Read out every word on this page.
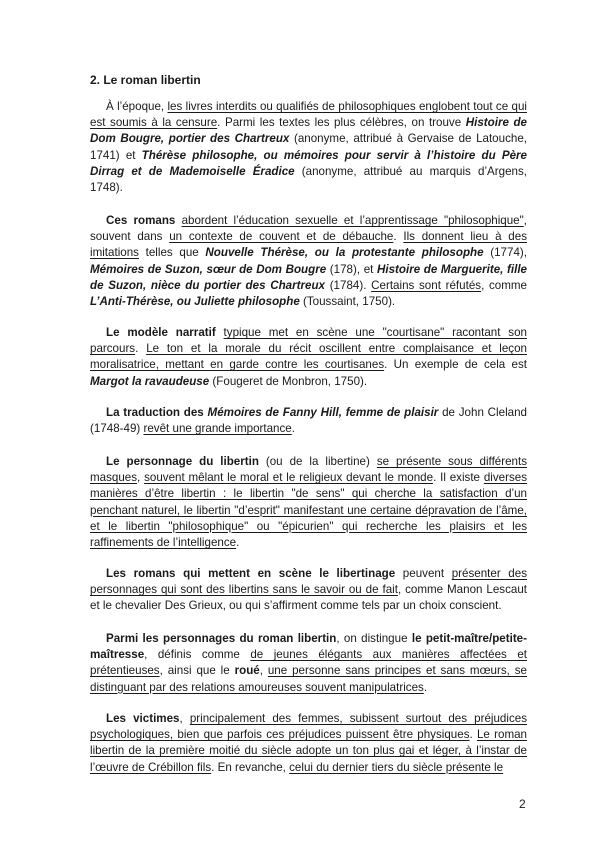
2. Le roman libertin

À l’époque, les livres interdits ou qualifiés de philosophiques englobent tout ce qui est soumis à la censure. Parmi les textes les plus célèbres, on trouve Histoire de Dom Bougre, portier des Chartreux (anonyme, attribué à Gervaise de Latouche, 1741) et Thérèse philosophe, ou mémoires pour servir à l’histoire du Père Dirrag et de Mademoiselle Éradice (anonyme, attribué au marquis d’Argens, 1748).

Ces romans abordent l’éducation sexuelle et l’apprentissage "philosophique", souvent dans un contexte de couvent et de débauche. Ils donnent lieu à des imitations telles que Nouvelle Thérèse, ou la protestante philosophe (1774), Mémoires de Suzon, sœur de Dom Bougre (178), et Histoire de Marguerite, fille de Suzon, nièce du portier des Chartreux (1784). Certains sont réfutés, comme L’Anti-Thérèse, ou Juliette philosophe (Toussaint, 1750).

Le modèle narratif typique met en scène une "courtisane" racontant son parcours. Le ton et la morale du récit oscillent entre complaisance et leçon moralisatrice, mettant en garde contre les courtisanes. Un exemple de cela est Margot la ravaudeuse (Fougeret de Monbron, 1750).

La traduction des Mémoires de Fanny Hill, femme de plaisir de John Cleland (1748-49) revêt une grande importance.

Le personnage du libertin (ou de la libertine) se présente sous différents masques, souvent mêlant le moral et le religieux devant le monde. Il existe diverses manières d’être libertin : le libertin "de sens" qui cherche la satisfaction d’un penchant naturel, le libertin "d’esprit" manifestant une certaine dépravation de l’âme, et le libertin "philosophique" ou "épicurien" qui recherche les plaisirs et les raffinements de l’intelligence.

Les romans qui mettent en scène le libertinage peuvent présenter des personnages qui sont des libertins sans le savoir ou de fait, comme Manon Lescaut et le chevalier Des Grieux, ou qui s’affirment comme tels par un choix conscient.

Parmi les personnages du roman libertin, on distingue le petit-maître/petite-maîtresse, définis comme de jeunes élégants aux manières affectées et prétentieuses, ainsi que le roué, une personne sans principes et sans mœurs, se distinguant par des relations amoureuses souvent manipulatrices.

Les victimes, principalement des femmes, subissent surtout des préjudices psychologiques, bien que parfois ces préjudices puissent être physiques. Le roman libertin de la première moitié du siècle adopte un ton plus gai et léger, à l’instar de l’œuvre de Crébillon fils. En revanche, celui du dernier tiers du siècle présente le

2
